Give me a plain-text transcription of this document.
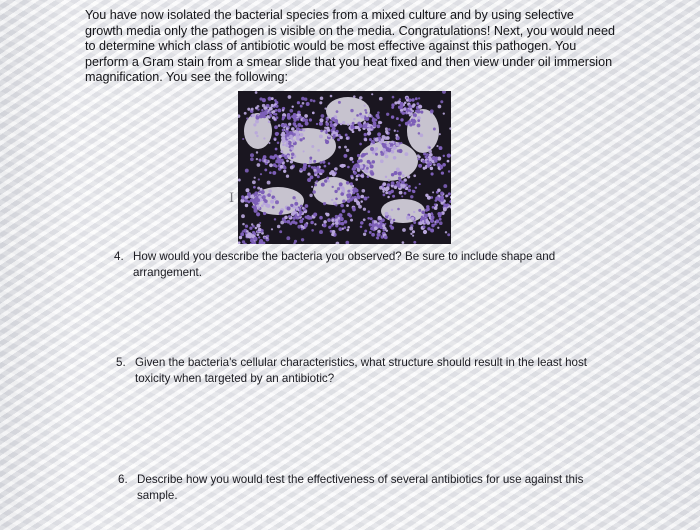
You have now isolated the bacterial species from a mixed culture and by using selective growth media only the pathogen is visible on the media. Congratulations! Next, you would need to determine which class of antibiotic would be most effective against this pathogen. You perform a Gram stain from a smear slide that you heat fixed and then view under oil immersion magnification. You see the following:

I
4. How would you describe the bacteria you observed? Be sure to include shape and arrangement.
5. Given the bacteria's cellular characteristics, what structure should result in the least host toxicity when targeted by an antibiotic?
6. Describe how you would test the effectiveness of several antibiotics for use against this sample.
